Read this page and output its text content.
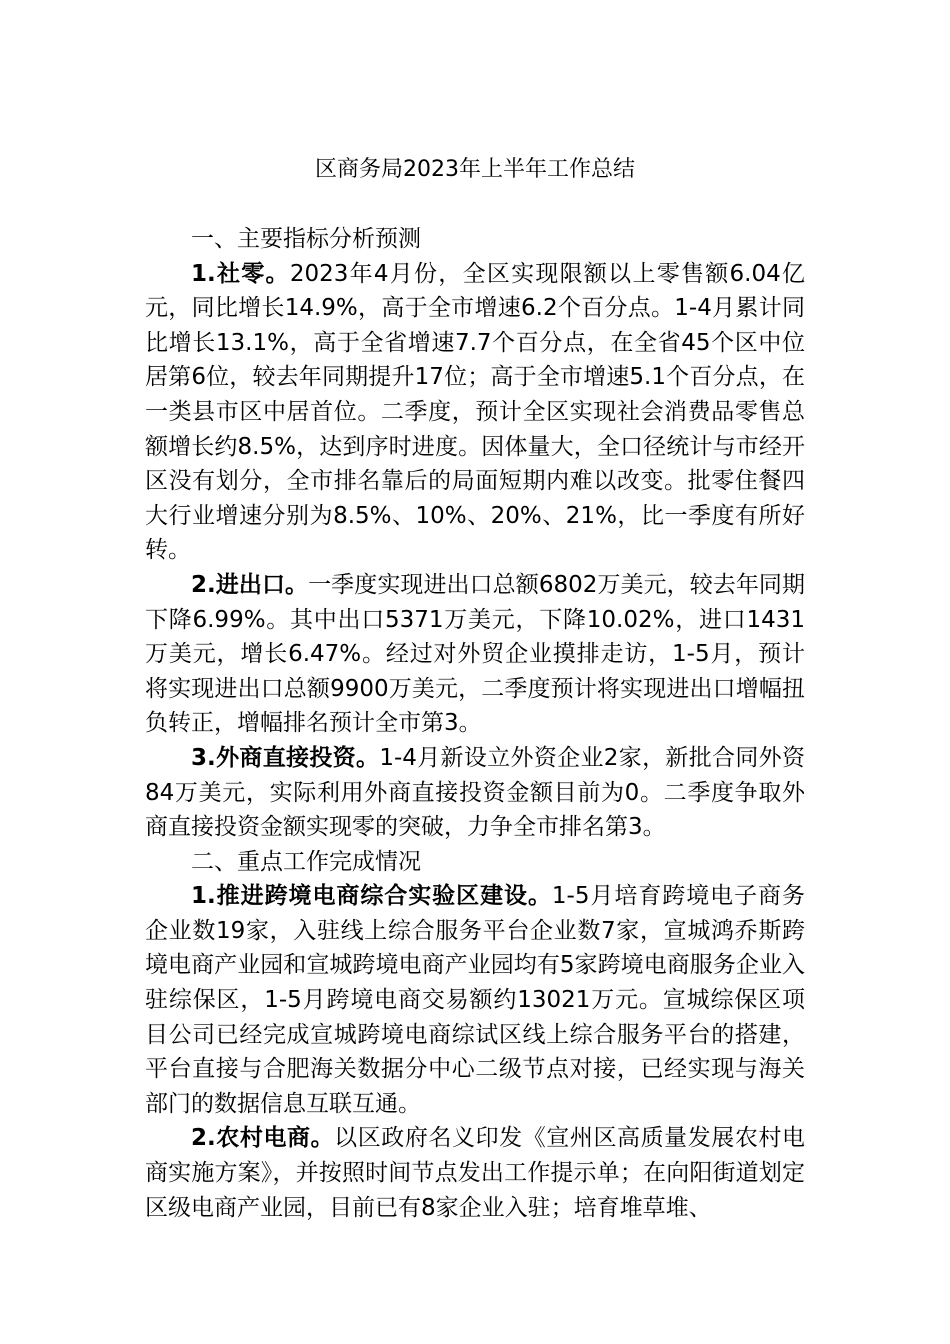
区商务局2023年上半年工作总结

一、主要指标分析预测

1.社零。2023年4月份，全区实现限额以上零售额6.04亿元，同比增长14.9%，高于全市增速6.2个百分点。1-4月累计同比增长13.1%，高于全省增速7.7个百分点，在全省45个区中位居第6位，较去年同期提升17位；高于全市增速5.1个百分点，在一类县市区中居首位。二季度，预计全区实现社会消费品零售总额增长约8.5%，达到序时进度。因体量大，全口径统计与市经开区没有划分，全市排名靠后的局面短期内难以改变。批零住餐四大行业增速分别为8.5%、10%、20%、21%，比一季度有所好转。

2.进出口。一季度实现进出口总额6802万美元，较去年同期下降6.99%。其中出口5371万美元，下降10.02%，进口1431万美元，增长6.47%。经过对外贸企业摸排走访，1-5月，预计将实现进出口总额9900万美元，二季度预计将实现进出口增幅扭负转正，增幅排名预计全市第3。

3.外商直接投资。1-4月新设立外资企业2家，新批合同外资84万美元，实际利用外商直接投资金额目前为0。二季度争取外商直接投资金额实现零的突破，力争全市排名第3。

二、重点工作完成情况

1.推进跨境电商综合实验区建设。1-5月培育跨境电子商务企业数19家，入驻线上综合服务平台企业数7家，宣城鸿乔斯跨境电商产业园和宣城跨境电商产业园均有5家跨境电商服务企业入驻综保区，1-5月跨境电商交易额约13021万元。宣城综保区项目公司已经完成宣城跨境电商综试区线上综合服务平台的搭建，平台直接与合肥海关数据分中心二级节点对接，已经实现与海关部门的数据信息互联互通。

2.农村电商。以区政府名义印发《宣州区高质量发展农村电商实施方案》，并按照时间节点发出工作提示单；在向阳街道划定区级电商产业园，目前已有8家企业入驻；培育堆草堆、
